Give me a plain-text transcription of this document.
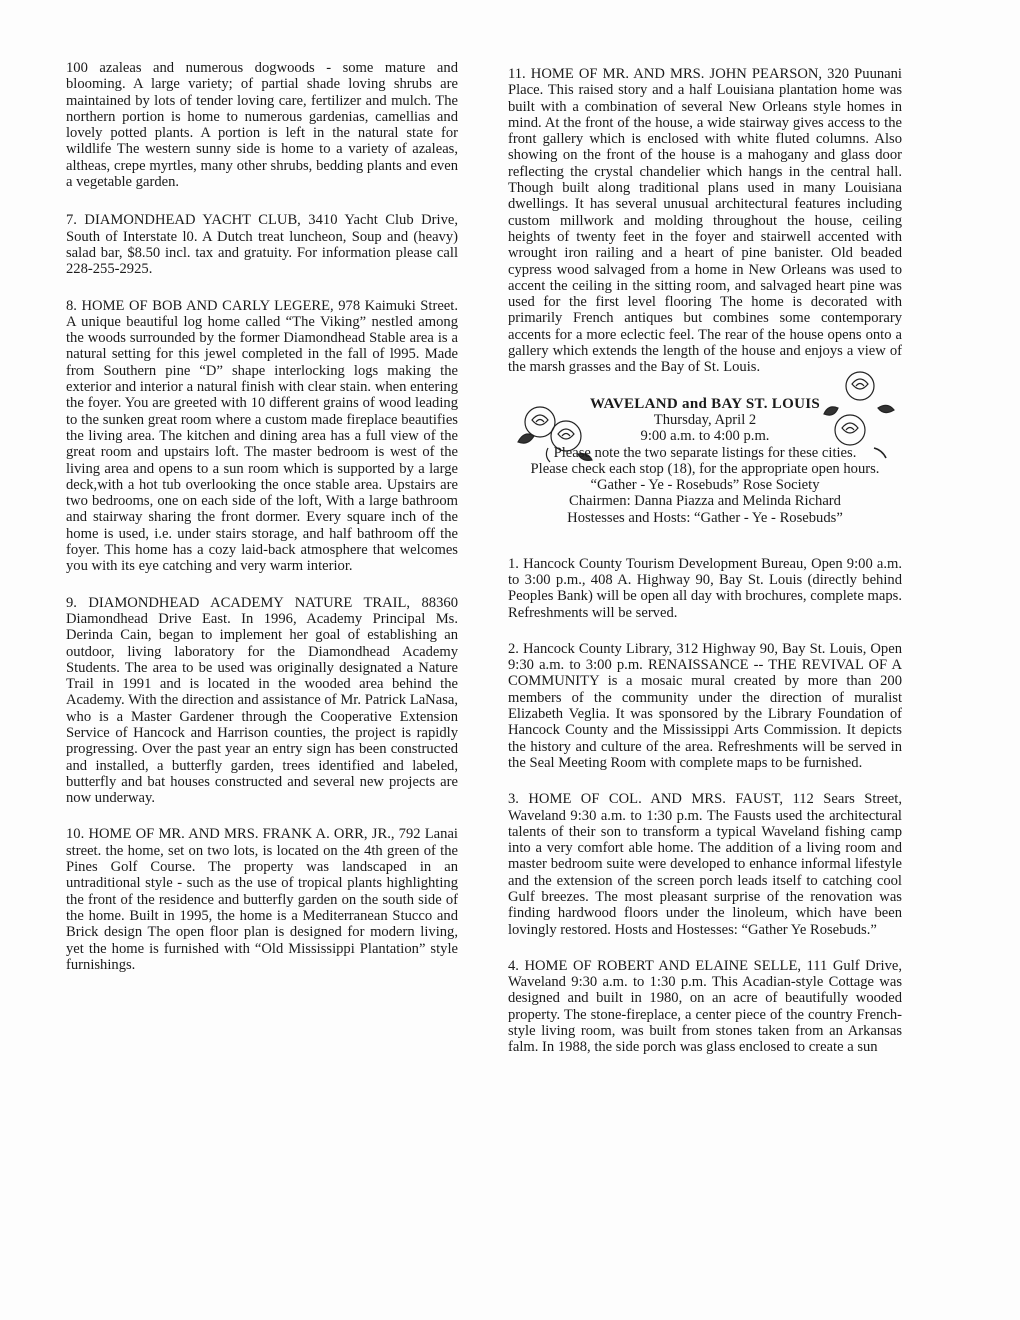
100 azaleas and numerous dogwoods - some mature and blooming. A large variety; of partial shade loving shrubs are maintained by lots of tender loving care, fertilizer and mulch. The northern portion is home to numerous gardenias, camellias and lovely potted plants. A portion is left in the natural state for wildlife The western sunny side is home to a variety of azaleas, altheas, crepe myrtles, many other shrubs, bedding plants and even a vegetable garden.

7. DIAMONDHEAD YACHT CLUB, 3410 Yacht Club Drive, South of Interstate l0. A Dutch treat luncheon, Soup and (heavy) salad bar, $8.50 incl. tax and gratuity. For information please call 228-255-2925.

8. HOME OF BOB AND CARLY LEGERE, 978 Kaimuki Street. A unique beautiful log home called “The Viking” nestled among the woods surrounded by the former Diamondhead Stable area is a natural setting for this jewel completed in the fall of l995. Made from Southern pine “D” shape interlocking logs making the exterior and interior a natural finish with clear stain. when entering the foyer. You are greeted with 10 different grains of wood leading to the sunken great room where a custom made fireplace beautifies the living area. The kitchen and dining area has a full view of the great room and upstairs loft. The master bedroom is west of the living area and opens to a sun room which is supported by a large deck,with a hot tub overlooking the once stable area. Upstairs are two bedrooms, one on each side of the loft, With a large bathroom and stairway sharing the front dormer. Every square inch of the home is used, i.e. under stairs storage, and half bathroom off the foyer. This home has a cozy laid-back atmosphere that welcomes you with its eye catching and very warm interior.

9. DIAMONDHEAD ACADEMY NATURE TRAIL, 88360 Diamondhead Drive East. In 1996, Academy Principal Ms. Derinda Cain, began to implement her goal of establishing an outdoor, living laboratory for the Diamondhead Academy Students. The area to be used was originally designated a Nature Trail in 1991 and is located in the wooded area behind the Academy. With the direction and assistance of Mr. Patrick LaNasa, who is a Master Gardener through the Cooperative Extension Service of Hancock and Harrison counties, the project is rapidly progressing. Over the past year an entry sign has been constructed and installed, a butterfly garden, trees identified and labeled, butterfly and bat houses constructed and several new projects are now underway.

10. HOME OF MR. AND MRS. FRANK A. ORR, JR., 792 Lanai street. the home, set on two lots, is located on the 4th green of the Pines Golf Course. The property was landscaped in an untraditional style - such as the use of tropical plants highlighting the front of the residence and butterfly garden on the south side of the home. Built in 1995, the home is a Mediterranean Stucco and Brick design The open floor plan is designed for modern living, yet the home is furnished with “Old Mississippi Plantation” style furnishings.

11. HOME OF MR. AND MRS. JOHN PEARSON, 320 Puunani Place. This raised story and a half Louisiana plantation home was built with a combination of several New Orleans style homes in mind. At the front of the house, a wide stairway gives access to the front gallery which is enclosed with white fluted columns. Also showing on the front of the house is a mahogany and glass door reflecting the crystal chandelier which hangs in the central hall. Though built along traditional plans used in many Louisiana dwellings. It has several unusual architectural features including custom millwork and molding throughout the house, ceiling heights of twenty feet in the foyer and stairwell accented with wrought iron railing and a heart of pine banister. Old beaded cypress wood salvaged from a home in New Orleans was used to accent the ceiling in the sitting room, and salvaged heart pine was used for the first level flooring The home is decorated with primarily French antiques but combines some contemporary accents for a more eclectic feel. The rear of the house opens onto a gallery which extends the length of the house and enjoys a view of the marsh grasses and the Bay of St. Louis.

WAVELAND and BAY ST. LOUIS
Thursday, April 2
9:00 a.m. to 4:00 p.m.
Please note the two separate listings for these cities.
Please check each stop (18), for the appropriate open hours.
“Gather - Ye - Rosebuds” Rose Society
Chairmen: Danna Piazza and Melinda Richard
Hostesses and Hosts: “Gather - Ye - Rosebuds”

1. Hancock County Tourism Development Bureau, Open 9:00 a.m. to 3:00 p.m., 408 A. Highway 90, Bay St. Louis (directly behind Peoples Bank) will be open all day with brochures, complete maps. Refreshments will be served.

2. Hancock County Library, 312 Highway 90, Bay St. Louis, Open 9:30 a.m. to 3:00 p.m. RENAISSANCE -- THE REVIVAL OF A COMMUNITY is a mosaic mural created by more than 200 members of the community under the direction of muralist Elizabeth Veglia. It was sponsored by the Library Foundation of Hancock County and the Mississippi Arts Commission. It depicts the history and culture of the area. Refreshments will be served in the Seal Meeting Room with complete maps to be furnished.

3. HOME OF COL. AND MRS. FAUST, 112 Sears Street, Waveland 9:30 a.m. to 1:30 p.m. The Fausts used the architectural talents of their son to transform a typical Waveland fishing camp into a very comfort able home. The addition of a living room and master bedroom suite were developed to enhance informal lifestyle and the extension of the screen porch leads itself to catching cool Gulf breezes. The most pleasant surprise of the renovation was finding hardwood floors under the linoleum, which have been lovingly restored. Hosts and Hostesses: “Gather Ye Rosebuds.”

4. HOME OF ROBERT AND ELAINE SELLE, 111 Gulf Drive, Waveland 9:30 a.m. to 1:30 p.m. This Acadian-style Cottage was designed and built in 1980, on an acre of beautifully wooded property. The stone-fireplace, a center piece of the country French-style living room, was built from stones taken from an Arkansas falm. In 1988, the side porch was glass enclosed to create a sun
